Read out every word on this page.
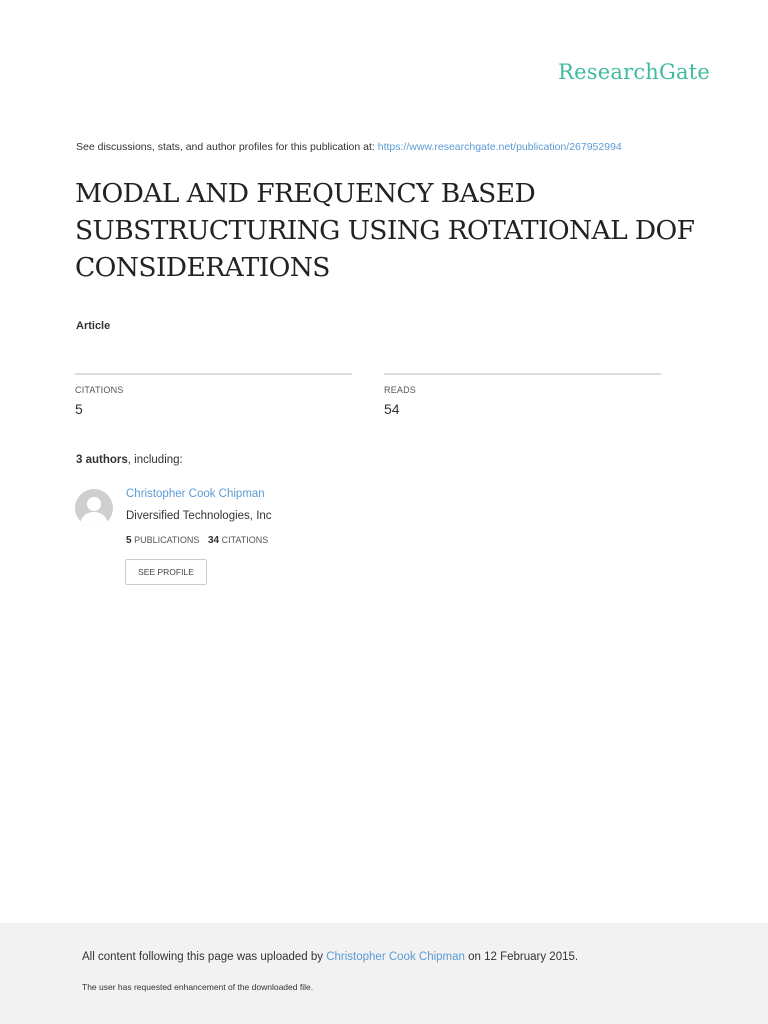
ResearchGate
See discussions, stats, and author profiles for this publication at: https://www.researchgate.net/publication/267952994
MODAL AND FREQUENCY BASED
SUBSTRUCTURING USING ROTATIONAL DOF
CONSIDERATIONS
Article
CITATIONS
5
READS
54
3 authors, including:
Christopher Cook Chipman
Diversified Technologies, Inc
5 PUBLICATIONS 34 CITATIONS
SEE PROFILE
All content following this page was uploaded by Christopher Cook Chipman on 12 February 2015.
The user has requested enhancement of the downloaded file.
